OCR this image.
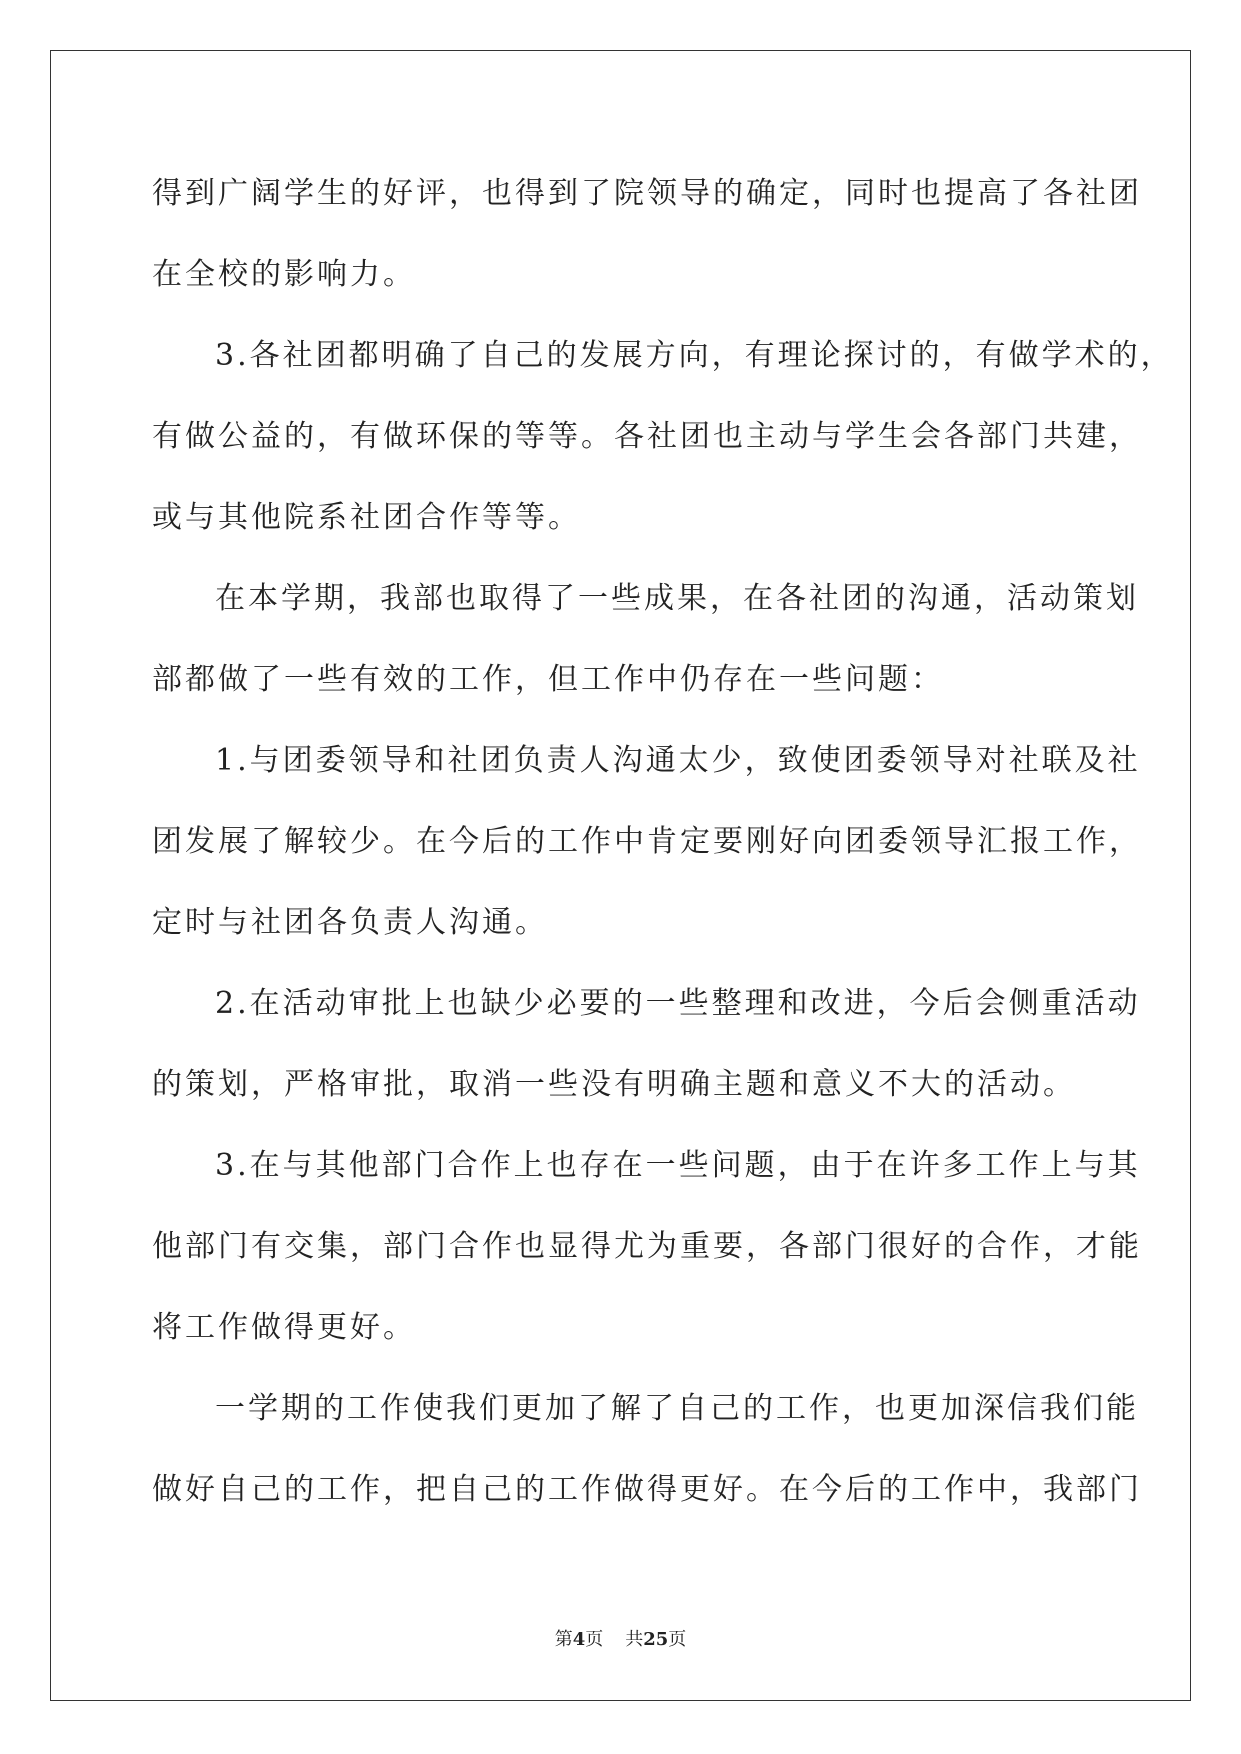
得到广阔学生的好评，也得到了院领导的确定，同时也提高了各社团
在全校的影响力。
3.各社团都明确了自己的发展方向，有理论探讨的，有做学术的，
有做公益的，有做环保的等等。各社团也主动与学生会各部门共建，
或与其他院系社团合作等等。
在本学期，我部也取得了一些成果，在各社团的沟通，活动策划
部都做了一些有效的工作，但工作中仍存在一些问题：
1.与团委领导和社团负责人沟通太少，致使团委领导对社联及社
团发展了解较少。在今后的工作中肯定要刚好向团委领导汇报工作，
定时与社团各负责人沟通。
2.在活动审批上也缺少必要的一些整理和改进，今后会侧重活动
的策划，严格审批，取消一些没有明确主题和意义不大的活动。
3.在与其他部门合作上也存在一些问题，由于在许多工作上与其
他部门有交集，部门合作也显得尤为重要，各部门很好的合作，才能
将工作做得更好。
一学期的工作使我们更加了解了自己的工作，也更加深信我们能
做好自己的工作，把自己的工作做得更好。在今后的工作中，我部门
第4页 共25页
